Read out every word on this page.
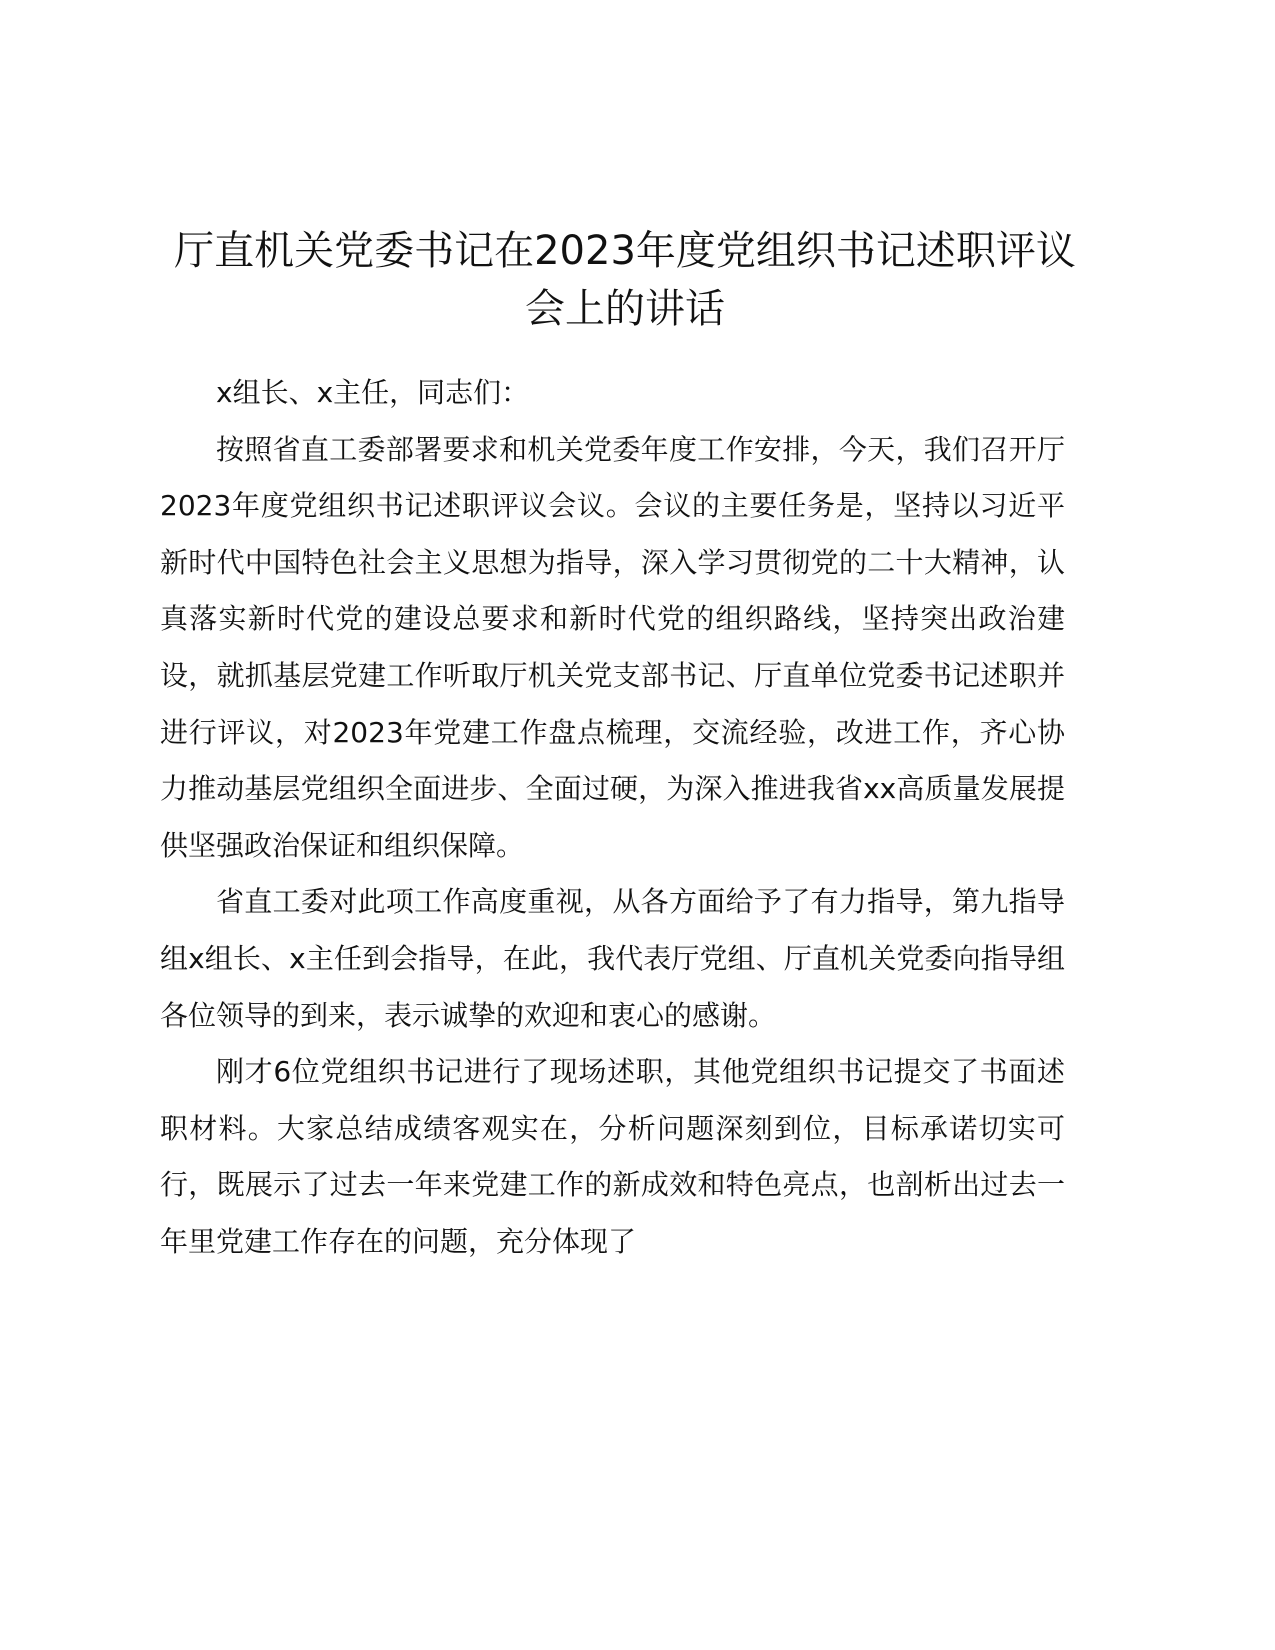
厅直机关党委书记在2023年度党组织书记述职评议会上的讲话

x组长、x主任，同志们：

按照省直工委部署要求和机关党委年度工作安排，今天，我们召开厅2023年度党组织书记述职评议会议。会议的主要任务是，坚持以习近平新时代中国特色社会主义思想为指导，深入学习贯彻党的二十大精神，认真落实新时代党的建设总要求和新时代党的组织路线，坚持突出政治建设，就抓基层党建工作听取厅机关党支部书记、厅直单位党委书记述职并进行评议，对2023年党建工作盘点梳理，交流经验，改进工作，齐心协力推动基层党组织全面进步、全面过硬，为深入推进我省xx高质量发展提供坚强政治保证和组织保障。

省直工委对此项工作高度重视，从各方面给予了有力指导，第九指导组x组长、x主任到会指导，在此，我代表厅党组、厅直机关党委向指导组各位领导的到来，表示诚挚的欢迎和衷心的感谢。

刚才6位党组织书记进行了现场述职，其他党组织书记提交了书面述职材料。大家总结成绩客观实在，分析问题深刻到位，目标承诺切实可行，既展示了过去一年来党建工作的新成效和特色亮点，也剖析出过去一年里党建工作存在的问题，充分体现了
